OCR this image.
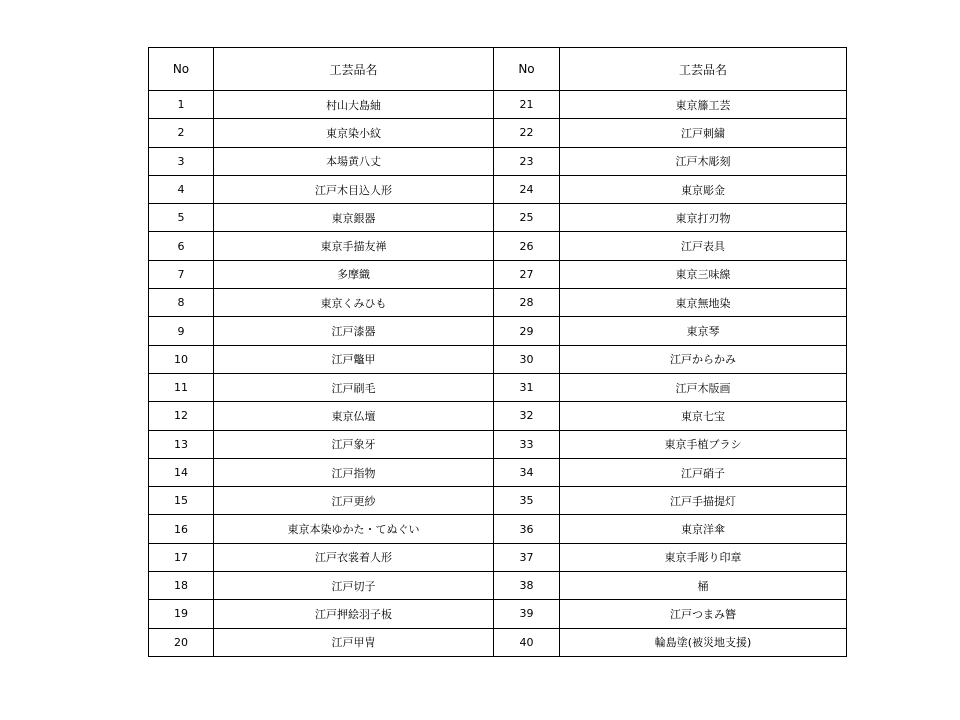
No	工芸品名	No	工芸品名
1	村山大島紬	21	東京籐工芸
2	東京染小紋	22	江戸刺繍
3	本場黄八丈	23	江戸木彫刻
4	江戸木目込人形	24	東京彫金
5	東京銀器	25	東京打刃物
6	東京手描友禅	26	江戸表具
7	多摩織	27	東京三味線
8	東京くみひも	28	東京無地染
9	江戸漆器	29	東京琴
10	江戸鼈甲	30	江戸からかみ
11	江戸刷毛	31	江戸木版画
12	東京仏壇	32	東京七宝
13	江戸象牙	33	東京手植ブラシ
14	江戸指物	34	江戸硝子
15	江戸更紗	35	江戸手描提灯
16	東京本染ゆかた・てぬぐい	36	東京洋傘
17	江戸衣裳着人形	37	東京手彫り印章
18	江戸切子	38	桶
19	江戸押絵羽子板	39	江戸つまみ簪
20	江戸甲冑	40	輪島塗(被災地支援)
